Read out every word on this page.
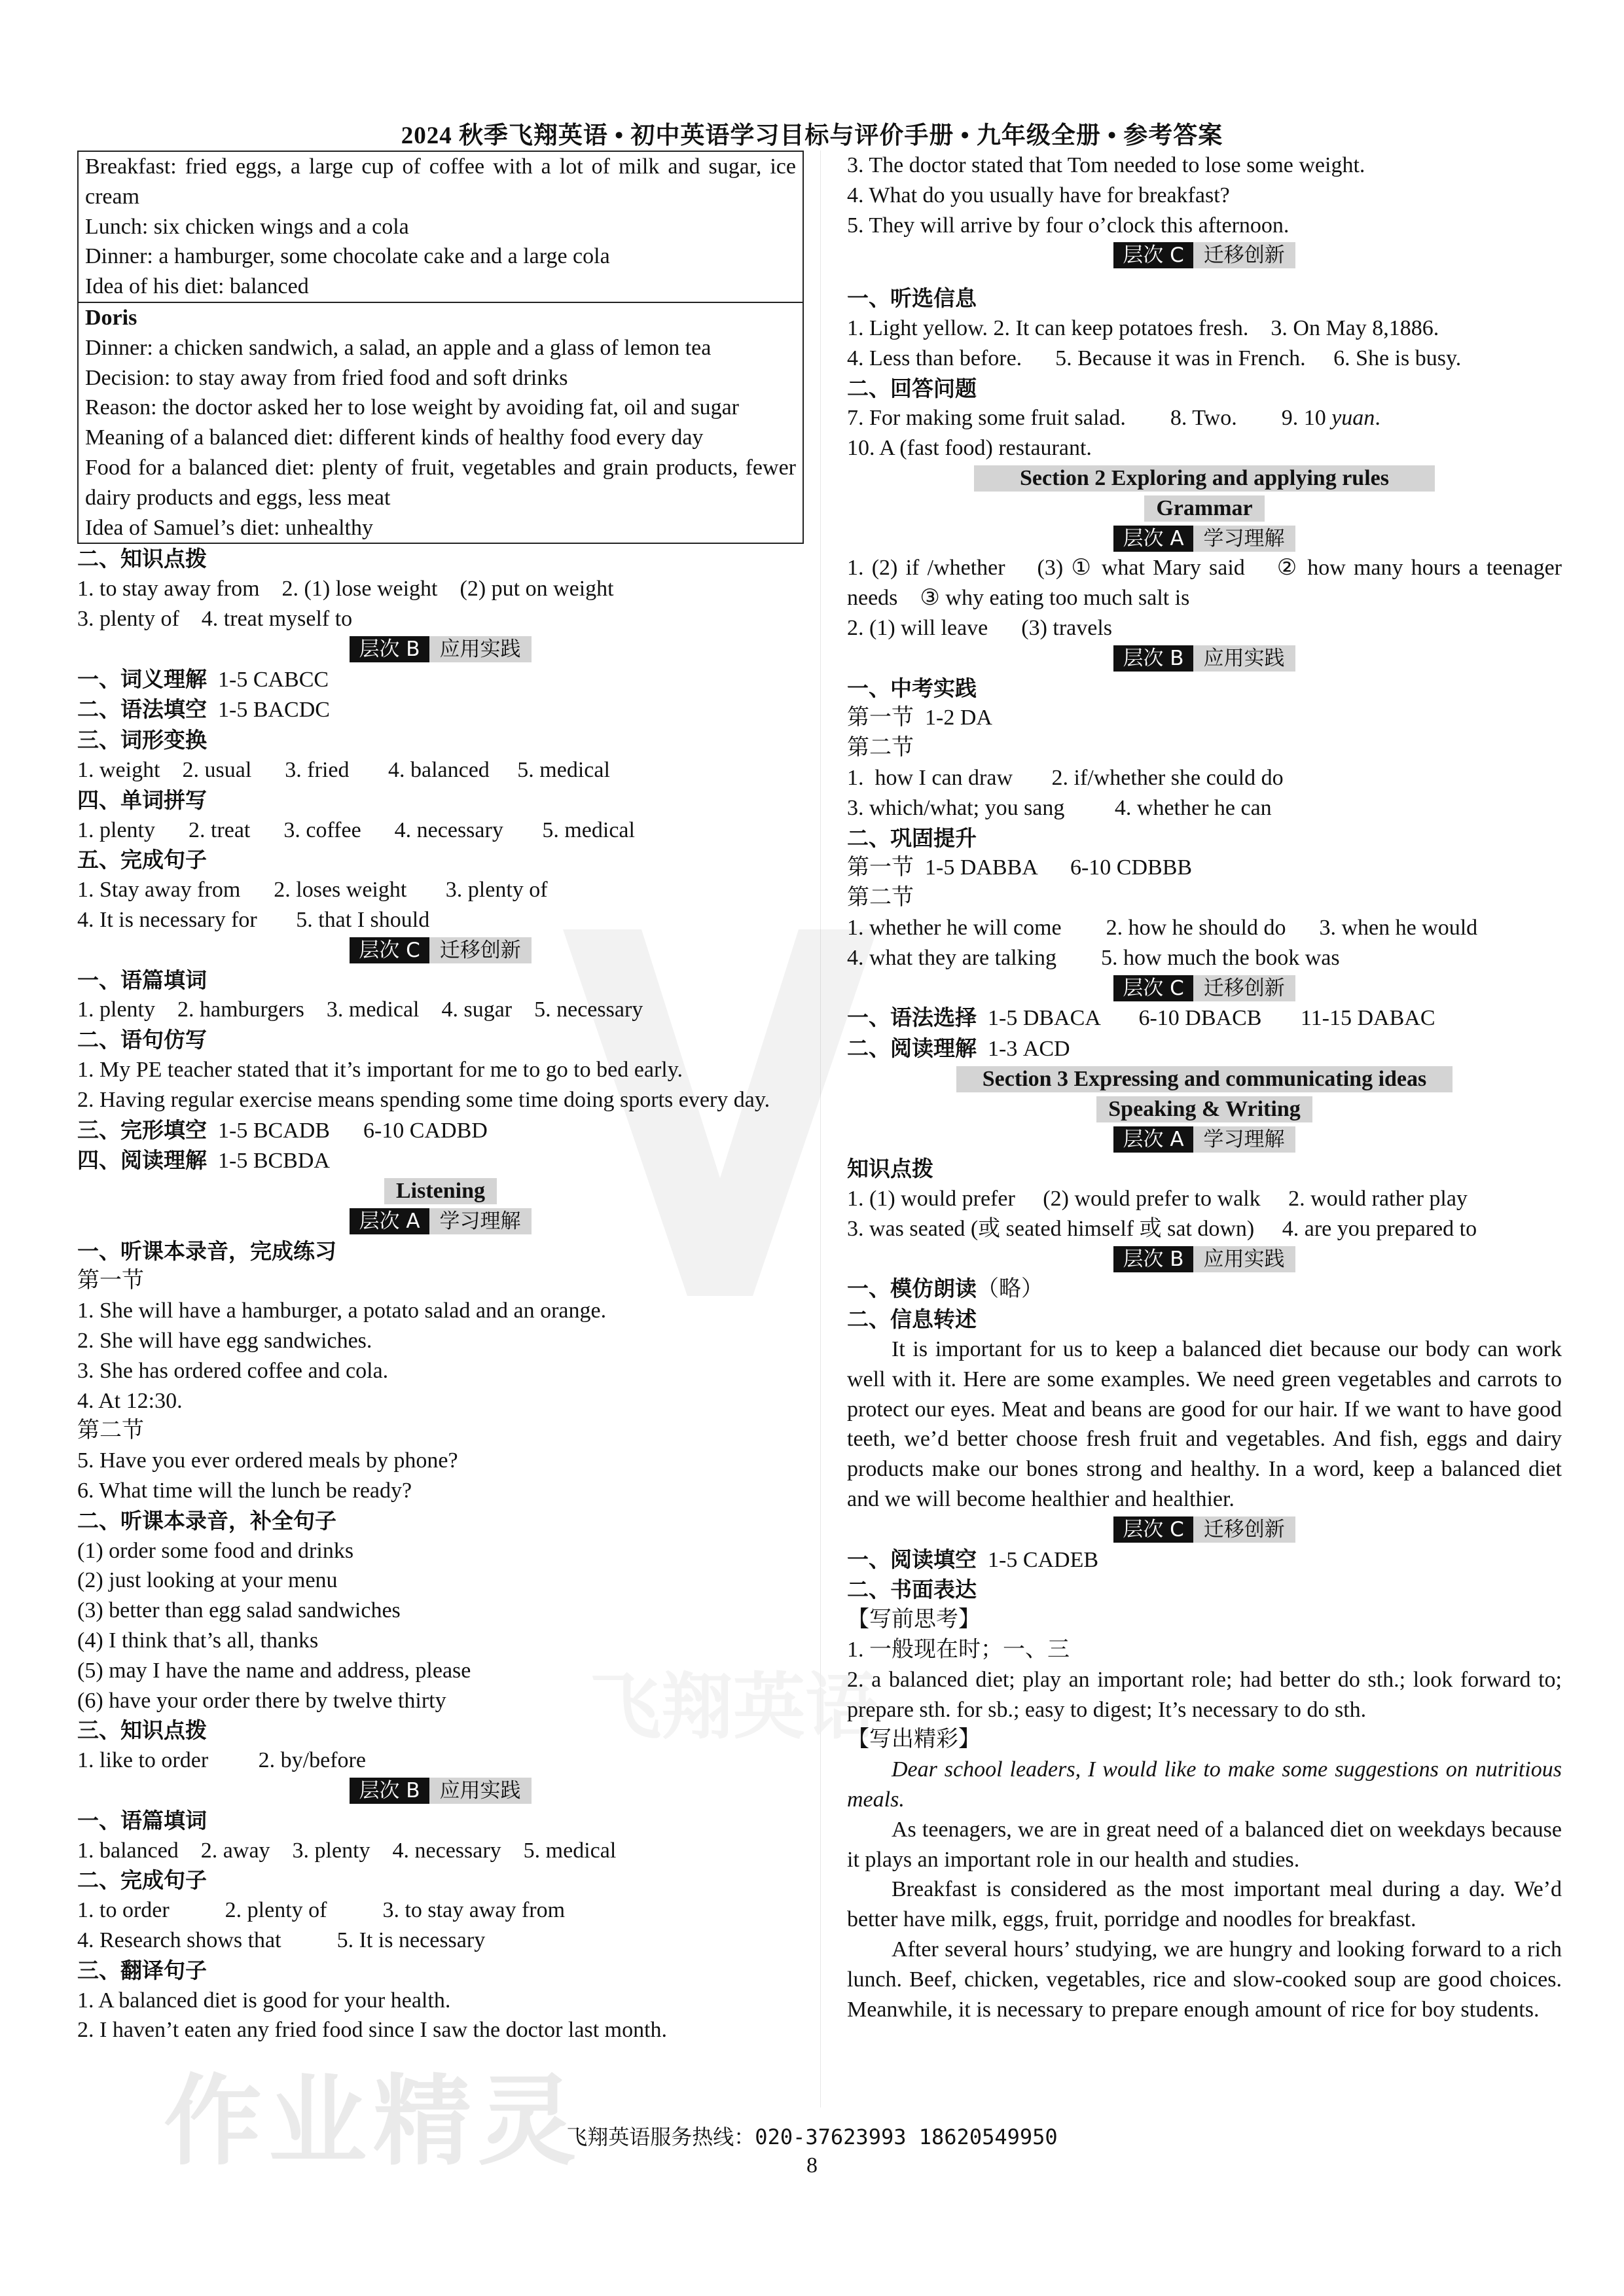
2024 秋季飞翔英语 • 初中英语学习目标与评价手册 • 九年级全册 • 参考答案
飞翔英语
Breakfast: fried eggs, a large cup of coffee with a lot of milk and sugar, ice cream
Lunch: six chicken wings and a cola
Dinner: a hamburger, some chocolate cake and a large cola
Idea of his diet: balanced
Doris
Dinner: a chicken sandwich, a salad, an apple and a glass of lemon tea
Decision: to stay away from fried food and soft drinks
Reason: the doctor asked her to lose weight by avoiding fat, oil and sugar
Meaning of a balanced diet: different kinds of healthy food every day
Food for a balanced diet: plenty of fruit, vegetables and grain products, fewer dairy products and eggs, less meat
Idea of Samuel’s diet: unhealthy
二、知识点拨
1. to stay away from    2. (1) lose weight    (2) put on weight
3. plenty of    4. treat myself to
层次 B 应用实践
一、词义理解 1-5 CABCC
二、语法填空 1-5 BACDC
三、词形变换
1. weight    2. usual      3. fried       4. balanced     5. medical
四、单词拼写
1. plenty      2. treat      3. coffee      4. necessary       5. medical
五、完成句子
1. Stay away from      2. loses weight       3. plenty of
4. It is necessary for       5. that I should
层次 C 迁移创新
一、语篇填词
1. plenty    2. hamburgers    3. medical    4. sugar    5. necessary
二、语句仿写
1. My PE teacher stated that it’s important for me to go to bed early.
2. Having regular exercise means spending some time doing sports every day.
三、完形填空 1-5 BCADB      6-10 CADBD
四、阅读理解 1-5 BCBDA
Listening
层次 A 学习理解
一、听课本录音，完成练习
第一节
1. She will have a hamburger, a potato salad and an orange.
2. She will have egg sandwiches.
3. She has ordered coffee and cola.
4. At 12:30.
第二节
5. Have you ever ordered meals by phone?
6. What time will the lunch be ready?
二、听课本录音，补全句子
(1) order some food and drinks
(2) just looking at your menu
(3) better than egg salad sandwiches
(4) I think that’s all, thanks
(5) may I have the name and address, please
(6) have your order there by twelve thirty
三、知识点拨
1. like to order         2. by/before
层次 B 应用实践
一、语篇填词
1. balanced    2. away    3. plenty    4. necessary    5. medical
二、完成句子
1. to order          2. plenty of          3. to stay away from
4. Research shows that          5. It is necessary
三、翻译句子
1. A balanced diet is good for your health.
2. I haven’t eaten any fried food since I saw the doctor last month.
3. The doctor stated that Tom needed to lose some weight.
4. What do you usually have for breakfast?
5. They will arrive by four o’clock this afternoon.
层次 C 迁移创新
一、听选信息
1. Light yellow. 2. It can keep potatoes fresh.    3. On May 8,1886.
4. Less than before.      5. Because it was in French.     6. She is busy.
二、回答问题
7. For making some fruit salad.        8. Two.        9. 10 yuan.
10. A (fast food) restaurant.
Section 2 Exploring and applying rules
Grammar
层次 A 学习理解
1. (2) if /whether    (3) ① what Mary said    ② how many hours a teenager needs    ③ why eating too much salt is
2. (1) will leave      (3) travels
层次 B 应用实践
一、中考实践
第一节  1-2 DA
第二节
1.  how I can draw       2. if/whether she could do
3. which/what; you sang         4. whether he can
二、巩固提升
第一节  1-5 DABBA      6-10 CDBBB
第二节
1. whether he will come        2. how he should do      3. when he would
4. what they are talking        5. how much the book was
层次 C 迁移创新
一、语法选择 1-5 DBACA       6-10 DBACB       11-15 DABAC
二、阅读理解 1-3 ACD
Section 3 Expressing and communicating ideas
Speaking & Writing
层次 A 学习理解
知识点拨
1. (1) would prefer     (2) would prefer to walk     2. would rather play
3. was seated (或 seated himself 或 sat down)     4. are you prepared to
层次 B 应用实践
一、模仿朗读（略）
二、信息转述
It is important for us to keep a balanced diet because our body can work well with it. Here are some examples. We need green vegetables and carrots to protect our eyes. Meat and beans are good for our hair. If we want to have good teeth, we’d better choose fresh fruit and vegetables. And fish, eggs and dairy products make our bones strong and healthy. In a word, keep a balanced diet and we will become healthier and healthier.
层次 C 迁移创新
一、阅读填空 1-5 CADEB
二、书面表达
【写前思考】
1. 一般现在时；一、三
2. a balanced diet; play an important role; had better do sth.; look forward to; prepare sth. for sb.; easy to digest; It’s necessary to do sth.
【写出精彩】
Dear school leaders, I would like to make some suggestions on nutritious meals.
As teenagers, we are in great need of a balanced diet on weekdays because it plays an important role in our health and studies.
Breakfast is considered as the most important meal during a day. We’d better have milk, eggs, fruit, porridge and noodles for breakfast.
After several hours’ studying, we are hungry and looking forward to a rich lunch. Beef, chicken, vegetables, rice and slow-cooked soup are good choices. Meanwhile, it is necessary to prepare enough amount of rice for boy students.
作业精灵
飞翔英语服务热线：020-37623993 18620549950
8
